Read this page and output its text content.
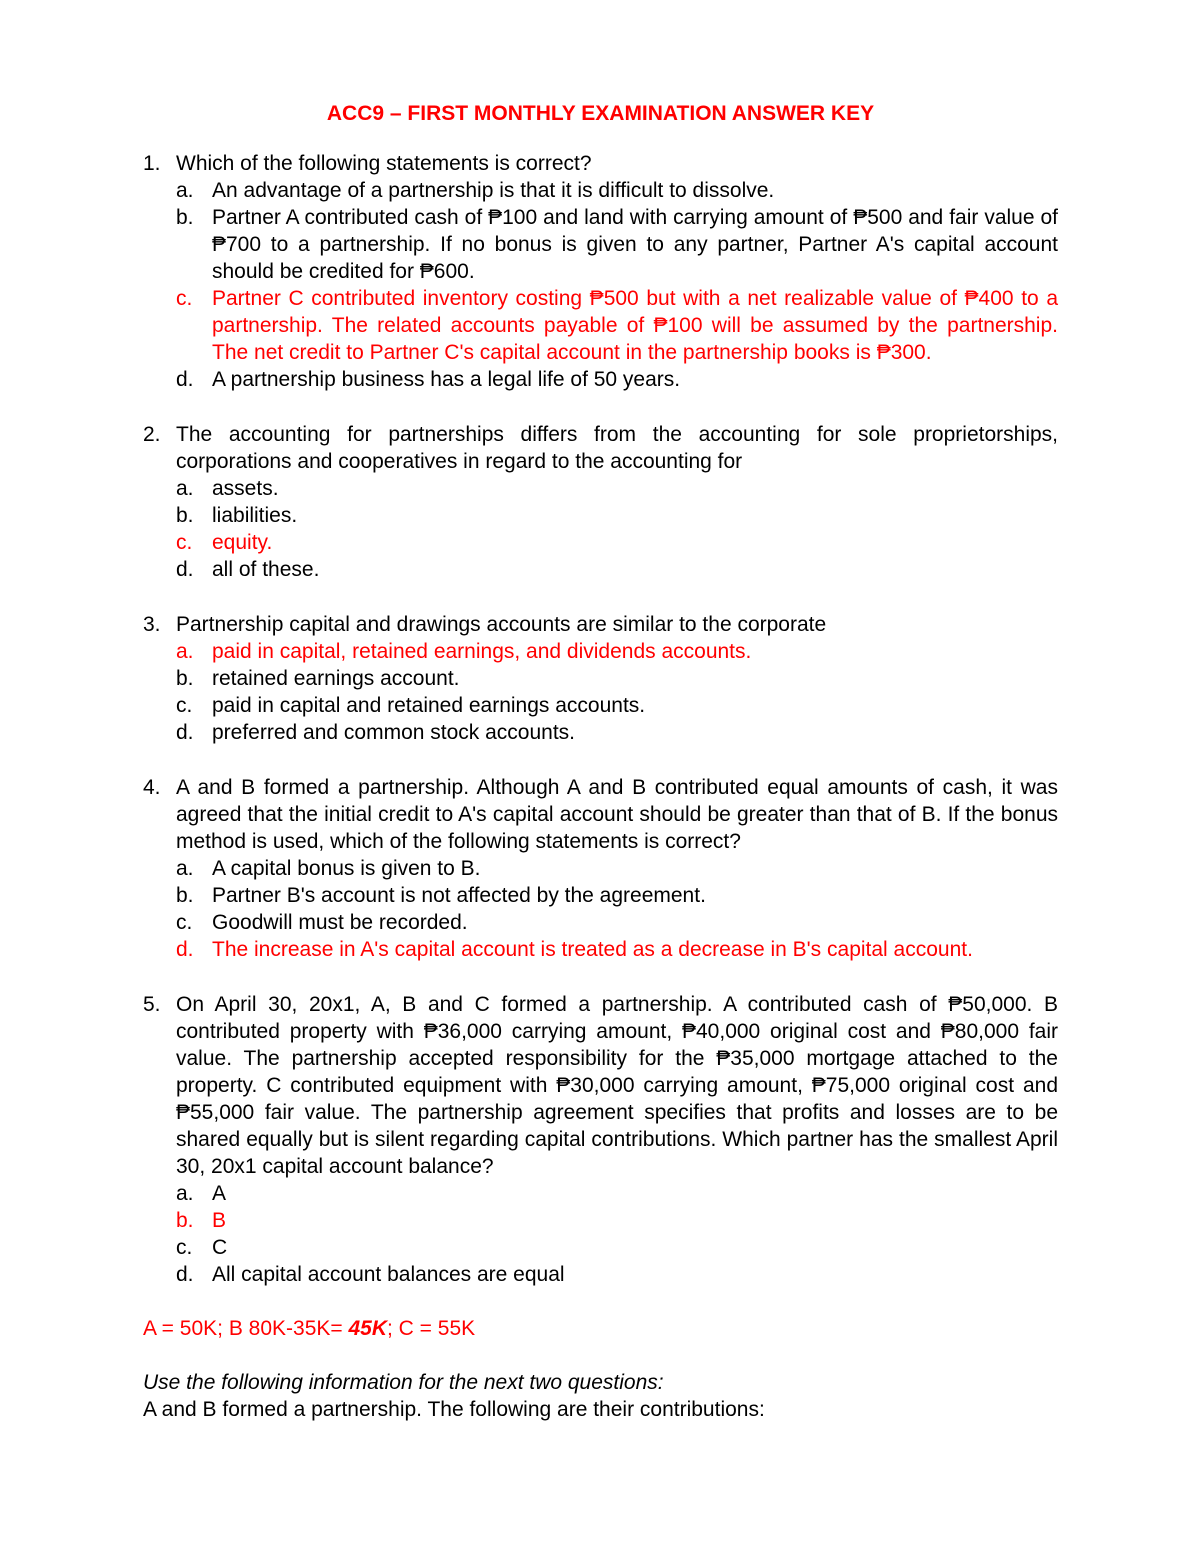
ACC9 – FIRST MONTHLY EXAMINATION ANSWER KEY
1. Which of the following statements is correct?
a. An advantage of a partnership is that it is difficult to dissolve.
b. Partner A contributed cash of ₱100 and land with carrying amount of ₱500 and fair value of ₱700 to a partnership. If no bonus is given to any partner, Partner A's capital account should be credited for ₱600.
c. Partner C contributed inventory costing ₱500 but with a net realizable value of ₱400 to a partnership. The related accounts payable of ₱100 will be assumed by the partnership. The net credit to Partner C's capital account in the partnership books is ₱300.
d. A partnership business has a legal life of 50 years.
2. The accounting for partnerships differs from the accounting for sole proprietorships, corporations and cooperatives in regard to the accounting for
a. assets.
b. liabilities.
c. equity.
d. all of these.
3. Partnership capital and drawings accounts are similar to the corporate
a. paid in capital, retained earnings, and dividends accounts.
b. retained earnings account.
c. paid in capital and retained earnings accounts.
d. preferred and common stock accounts.
4. A and B formed a partnership. Although A and B contributed equal amounts of cash, it was agreed that the initial credit to A's capital account should be greater than that of B. If the bonus method is used, which of the following statements is correct?
a. A capital bonus is given to B.
b. Partner B's account is not affected by the agreement.
c. Goodwill must be recorded.
d. The increase in A's capital account is treated as a decrease in B's capital account.
5. On April 30, 20x1, A, B and C formed a partnership. A contributed cash of ₱50,000. B contributed property with ₱36,000 carrying amount, ₱40,000 original cost and ₱80,000 fair value. The partnership accepted responsibility for the ₱35,000 mortgage attached to the property. C contributed equipment with ₱30,000 carrying amount, ₱75,000 original cost and ₱55,000 fair value. The partnership agreement specifies that profits and losses are to be shared equally but is silent regarding capital contributions. Which partner has the smallest April 30, 20x1 capital account balance?
a. A
b. B
c. C
d. All capital account balances are equal
A = 50K; B 80K-35K= 45K; C = 55K
Use the following information for the next two questions:
A and B formed a partnership. The following are their contributions:
